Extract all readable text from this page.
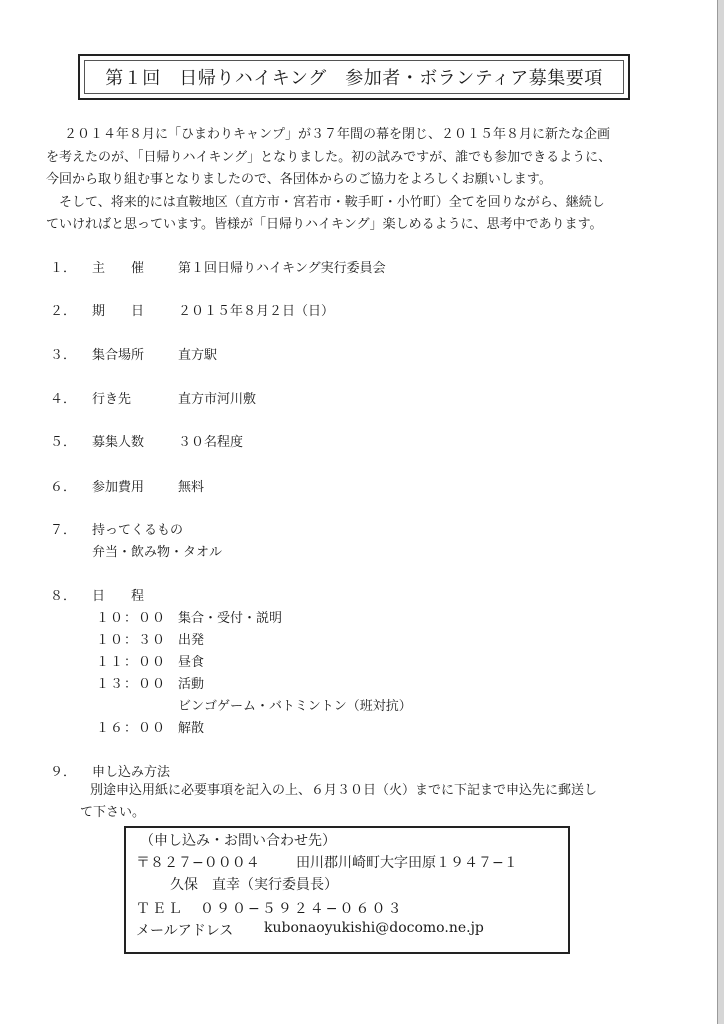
第１回　日帰りハイキング　参加者・ボランティア募集要項

２０１４年８月に「ひまわりキャンプ」が３７年間の幕を閉じ、２０１５年８月に新たな企画

を考えたのが、「日帰りハイキング」となりました。初の試みですが、誰でも参加できるように、

今回から取り組む事となりましたので、各団体からのご協力をよろしくお願いします。

　そして、将来的には直鞍地区（直方市・宮若市・鞍手町・小竹町）全てを回りながら、継続し

ていければと思っています。皆様が「日帰りハイキング」楽しめるように、思考中であります。

１．	主　　催	第１回日帰りハイキング実行委員会
２．	期　　日	２０１５年８月２日（日）
３．	集合場所	直方駅
４．	行き先	直方市河川敷
５．	募集人数	３０名程度
６．	参加費用	無料
７．	持ってくるもの
弁当・飲み物・タオル
８．	日　　程
１０：００ 集合・受付・説明
１０：３０ 出発
１１：００ 昼食
１３：００ 活動
ビンゴゲーム・バトミントン（班対抗）
１６：００ 解散
９．	申し込み方法
別途申込用紙に必要事項を記入の上、６月３０日（火）までに下記まで申込先に郵送し
て下さい。
（申し込み・お問い合わせ先）
〒８２７−０００４	田川郡川崎町大字田原１９４７−１
久保　直幸（実行委員長）
ＴＥＬ　０９０−５９２４−０６０３
メールアドレス kubonaoyukishi@docomo.ne.jp
